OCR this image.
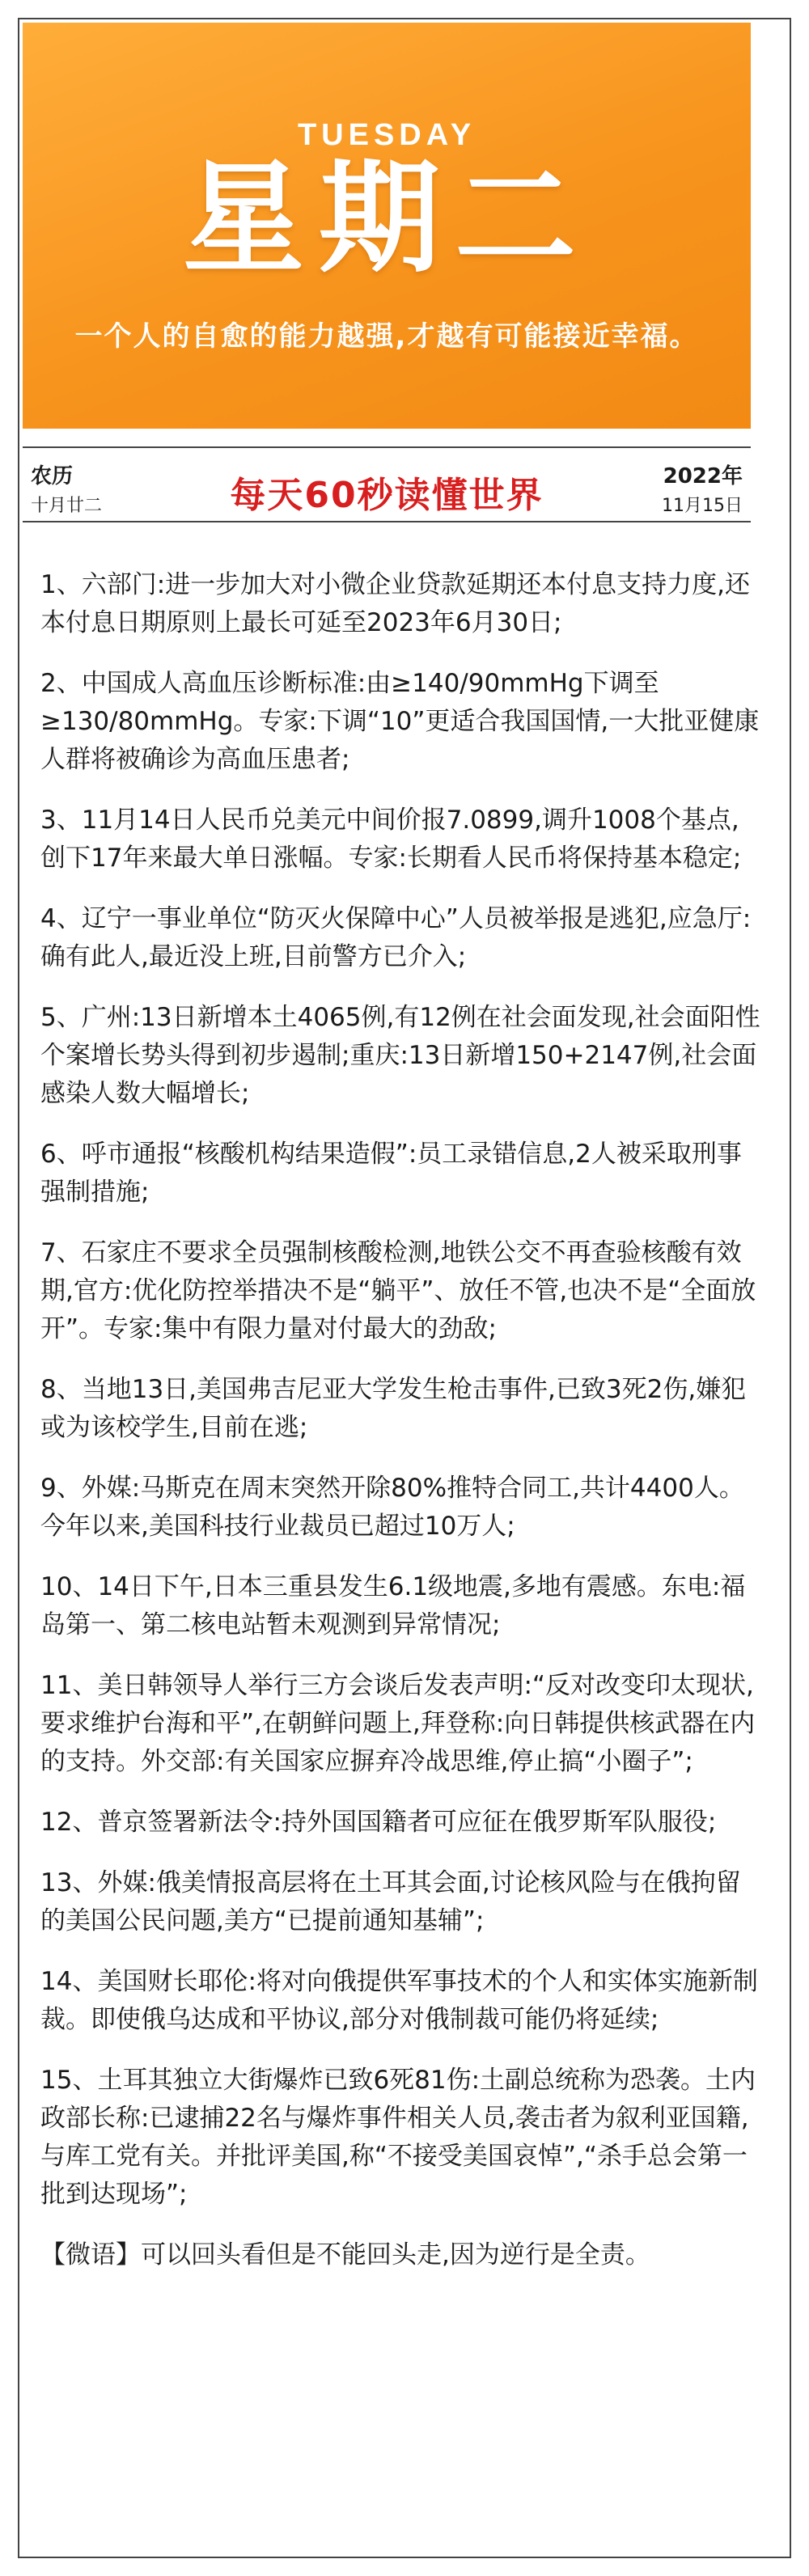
TUESDAY
星期二
一个人的自愈的能力越强,才越有可能接近幸福。
农历
十月廿二	每天60秒读懂世界	2022年
11月15日
1、六部门:进一步加大对小微企业贷款延期还本付息支持力度,还本付息日期原则上最长可延至2023年6月30日;
2、中国成人高血压诊断标准:由≥140/90mmHg下调至≥130/80mmHg。专家:下调“10”更适合我国国情,一大批亚健康人群将被确诊为高血压患者;
3、11月14日人民币兑美元中间价报7.0899,调升1008个基点,创下17年来最大单日涨幅。专家:长期看人民币将保持基本稳定;
4、辽宁一事业单位“防灭火保障中心”人员被举报是逃犯,应急厅:确有此人,最近没上班,目前警方已介入;
5、广州:13日新增本土4065例,有12例在社会面发现,社会面阳性个案增长势头得到初步遏制;重庆:13日新增150+2147例,社会面感染人数大幅增长;
6、呼市通报“核酸机构结果造假”:员工录错信息,2人被采取刑事强制措施;
7、石家庄不要求全员强制核酸检测,地铁公交不再查验核酸有效期,官方:优化防控举措决不是“躺平”、放任不管,也决不是“全面放开”。专家:集中有限力量对付最大的劲敌;
8、当地13日,美国弗吉尼亚大学发生枪击事件,已致3死2伤,嫌犯或为该校学生,目前在逃;
9、外媒:马斯克在周末突然开除80%推特合同工,共计4400人。今年以来,美国科技行业裁员已超过10万人;
10、14日下午,日本三重县发生6.1级地震,多地有震感。东电:福岛第一、第二核电站暂未观测到异常情况;
11、美日韩领导人举行三方会谈后发表声明:“反对改变印太现状,要求维护台海和平”,在朝鲜问题上,拜登称:向日韩提供核武器在内的支持。外交部:有关国家应摒弃冷战思维,停止搞“小圈子”;
12、普京签署新法令:持外国国籍者可应征在俄罗斯军队服役;
13、外媒:俄美情报高层将在土耳其会面,讨论核风险与在俄拘留的美国公民问题,美方“已提前通知基辅”;
14、美国财长耶伦:将对向俄提供军事技术的个人和实体实施新制裁。即使俄乌达成和平协议,部分对俄制裁可能仍将延续;
15、土耳其独立大街爆炸已致6死81伤:土副总统称为恐袭。土内政部长称:已逮捕22名与爆炸事件相关人员,袭击者为叙利亚国籍,与库工党有关。并批评美国,称“不接受美国哀悼”,“杀手总会第一批到达现场”;
【微语】可以回头看但是不能回头走,因为逆行是全责。
